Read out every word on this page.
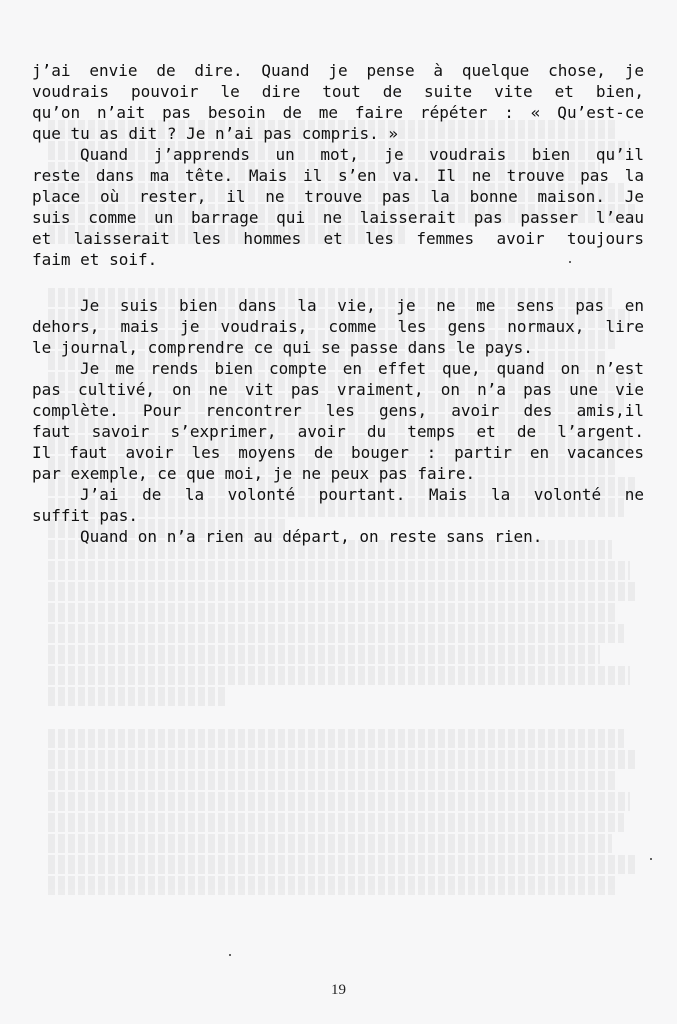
j’ai envie de dire. Quand je pense à quelque chose, je
voudrais pouvoir le dire tout de suite vite et bien,
qu’on n’ait pas besoin de me faire répéter : « Qu’est-ce
que tu as dit ? Je n’ai pas compris. »
Quand j’apprends un mot, je voudrais bien qu’il
reste dans ma tête. Mais il s’en va. Il ne trouve pas la
place où rester, il ne trouve pas la bonne maison. Je
suis comme un barrage qui ne laisserait pas passer l’eau
et laisserait les hommes et les femmes avoir toujours
faim et soif.
Je suis bien dans la vie, je ne me sens pas en
dehors, mais je voudrais, comme les gens normaux, lire
le journal, comprendre ce qui se passe dans le pays.
Je me rends bien compte en effet que, quand on n’est
pas cultivé, on ne vit pas vraiment, on n’a pas une vie
complète. Pour rencontrer les gens, avoir des amis,il
faut savoir s’exprimer, avoir du temps et de l’argent.
Il faut avoir les moyens de bouger : partir en vacances
par exemple, ce que moi, je ne peux pas faire.
J’ai de la volonté pourtant. Mais la volonté ne
suffit pas.
Quand on n’a rien au départ, on reste sans rien.
19
